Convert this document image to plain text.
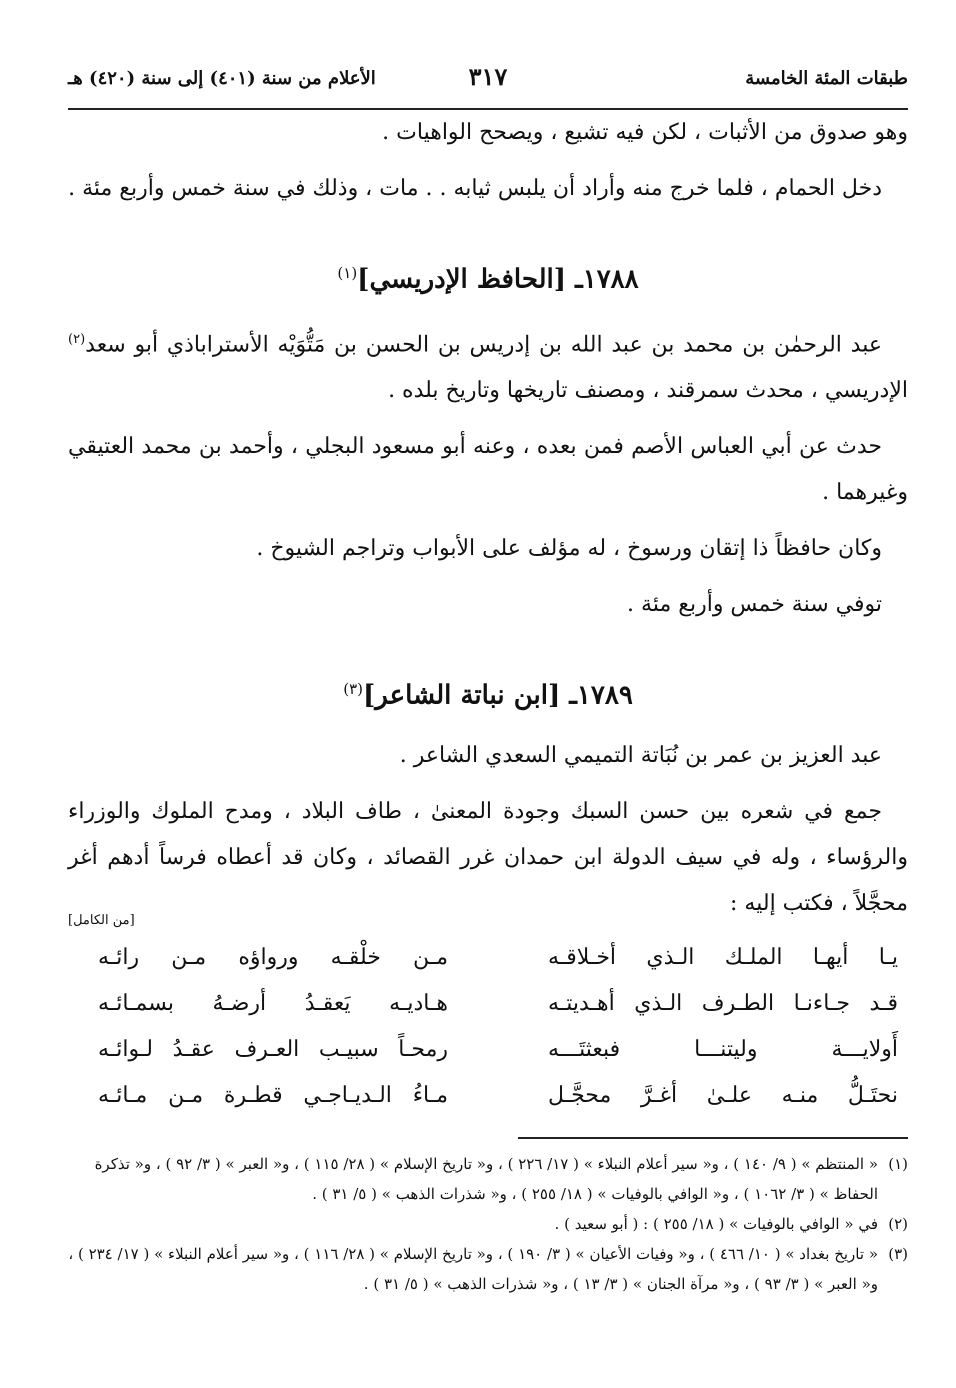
طبقات المئة الخامسة
٣١٧
الأعلام من سنة (٤٠١) إلى سنة (٤٢٠) هـ

وهو صدوق من الأثبات ، لكن فيه تشيع ، ويصحح الواهيات .

دخل الحمام ، فلما خرج منه وأراد أن يلبس ثيابه . . مات ، وذلك في سنة خمس وأربع مئة .

١٧٨٨ـ [الحافظ الإدريسي]$^{(١)}$

عبد الرحمٰن بن محمد بن عبد الله بن إدريس بن الحسن بن مَتُّوَيْه الأستراباذي أبو سعد$^{(٢)}$ الإدريسي ، محدث سمرقند ، ومصنف تاريخها وتاريخ بلده .

حدث عن أبي العباس الأصم فمن بعده ، وعنه أبو مسعود البجلي ، وأحمد بن محمد العتيقي وغيرهما .

وكان حافظاً ذا إتقان ورسوخ ، له مؤلف على الأبواب وتراجم الشيوخ .

توفي سنة خمس وأربع مئة .

١٧٨٩ـ [ابن نباتة الشاعر]$^{(٣)}$

عبد العزيز بن عمر بن نُبَاتة التميمي السعدي الشاعر .

جمع في شعره بين حسن السبك وجودة المعنىٰ ، طاف البلاد ، ومدح الملوك والوزراء والرؤساء ، وله في سيف الدولة ابن حمدان غرر القصائد ، وكان قد أعطاه فرساً أدهم أغر محجَّلاً ، فكتب إليه :

[من الكامل]
يـا أيهـا الملـك الـذي أخـلاقـه
مـن خلْقـه ورواؤه مـن رائـه
قـد جـاءنـا الطـرف الـذي أهـديتـه
هـاديـه يَعقـدُ أرضـهُ بسمـائـه
أَولايـــة وليتنـــا فبعثتَـــه
رمحـاً سبيـب العـرف عقـدُ لـوائـه
نحتَـلُّ منـه علـىٰ أغـرَّ محجَّـل
مـاءُ الـديـاجـي قطـرة مـن مـائـه
(١)
« المنتظم » ( ٩/ ١٤٠ ) ، و« سير أعلام النبلاء » ( ١٧/ ٢٢٦ ) ، و« تاريخ الإسلام » ( ٢٨/ ١١٥ ) ، و« العبر » ( ٣/ ٩٢ ) ، و« تذكرة الحفاظ » ( ٣/ ١٠٦٢ ) ، و« الوافي بالوفيات » ( ١٨/ ٢٥٥ ) ، و« شذرات الذهب » ( ٥/ ٣١ ) .
(٢)
في « الوافي بالوفيات » ( ١٨/ ٢٥٥ ) : ( أبو سعيد ) .
(٣)
« تاريخ بغداد » ( ١٠/ ٤٦٦ ) ، و« وفيات الأعيان » ( ٣/ ١٩٠ ) ، و« تاريخ الإسلام » ( ٢٨/ ١١٦ ) ، و« سير أعلام النبلاء » ( ١٧/ ٢٣٤ ) ، و« العبر » ( ٣/ ٩٣ ) ، و« مرآة الجنان » ( ٣/ ١٣ ) ، و« شذرات الذهب » ( ٥/ ٣١ ) .
